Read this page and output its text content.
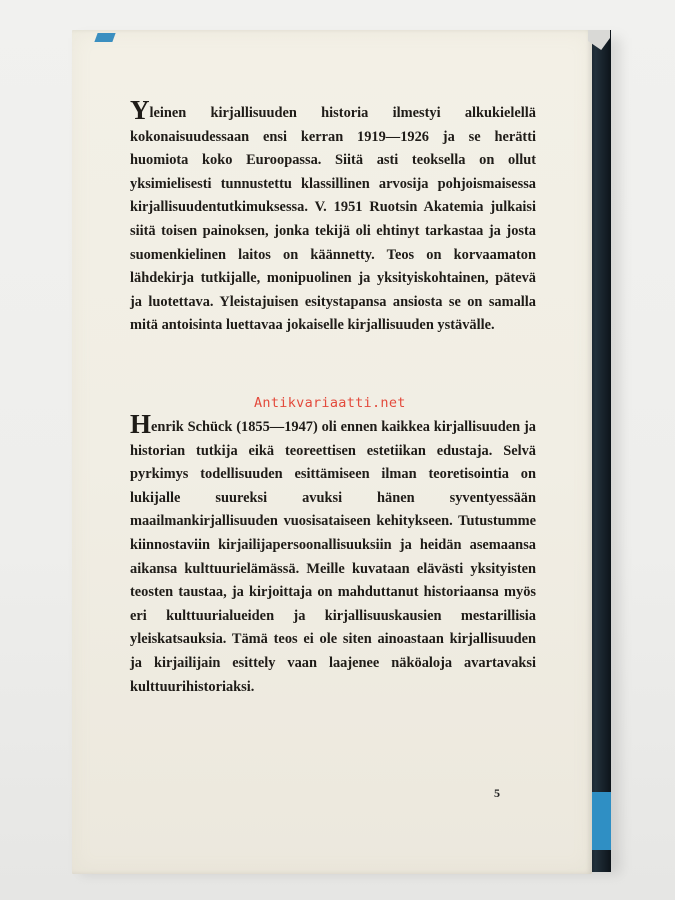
Yleinen kirjallisuuden historia ilmestyi alkukielellä kokonaisuudessaan ensi kerran 1919—1926 ja se herätti huomiota koko Euroopassa. Siitä asti teoksella on ollut yksimielisesti tunnustettu klassillinen arvosija pohjoismaisessa kirjallisuudentutkimuksessa. V. 1951 Ruotsin Akatemia julkaisi siitä toisen painoksen, jonka tekijä oli ehtinyt tarkastaa ja josta suomenkielinen laitos on käännetty. Teos on korvaamaton lähdekirja tutkijalle, monipuolinen ja yksityiskohtainen, pätevä ja luotettava. Yleistajuisen esitystapansa ansiosta se on samalla mitä antoisinta luettavaa jokaiselle kirjallisuuden ystävälle.

Antikvariaatti.net

Henrik Schück (1855—1947) oli ennen kaikkea kirjallisuuden ja historian tutkija eikä teoreettisen estetiikan edustaja. Selvä pyrkimys todellisuuden esittämiseen ilman teoretisointia on lukijalle suureksi avuksi hänen syventyessään maailmankirjallisuuden vuosisataiseen kehitykseen. Tutustumme kiinnostaviin kirjailijapersoonallisuuksiin ja heidän asemaansa aikansa kulttuurielämässä. Meille kuvataan elävästi yksityisten teosten taustaa, ja kirjoittaja on mahduttanut historiaansa myös eri kulttuurialueiden ja kirjallisuuskausien mestarillisia yleiskatsauksia. Tämä teos ei ole siten ainoastaan kirjallisuuden ja kirjailijain esittely vaan laajenee näköaloja avartavaksi kulttuurihistoriaksi.

5
